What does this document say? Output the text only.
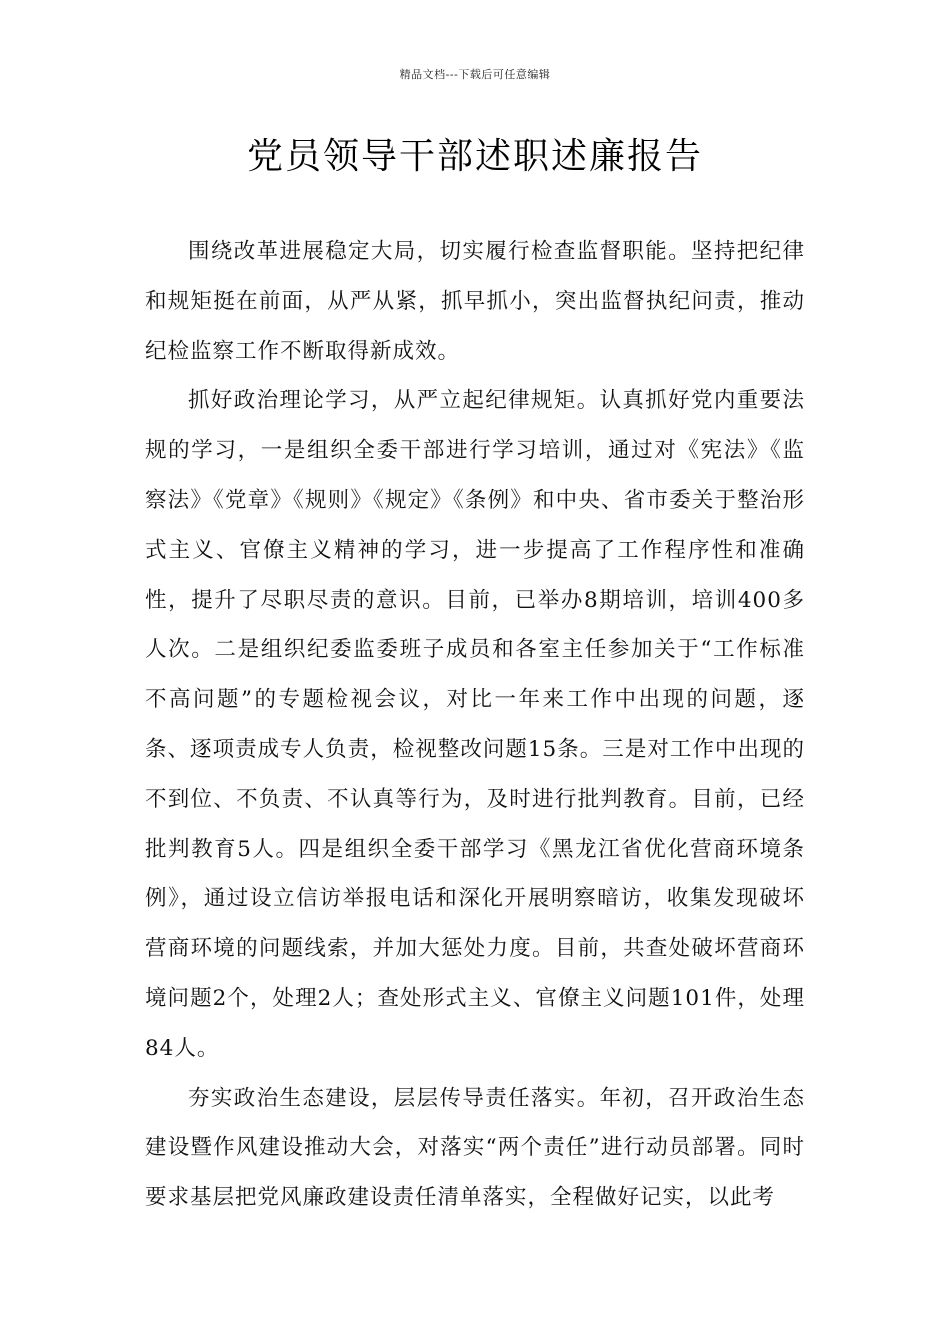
精品文档---下载后可任意编辑
党员领导干部述职述廉报告

围绕改革进展稳定大局，切实履行检查监督职能。坚持把纪律和规矩挺在前面，从严从紧，抓早抓小，突出监督执纪问责，推动纪检监察工作不断取得新成效。

抓好政治理论学习，从严立起纪律规矩。认真抓好党内重要法规的学习，一是组织全委干部进行学习培训，通过对《宪法》《监察法》《党章》《规则》《规定》《条例》和中央、省市委关于整治形式主义、官僚主义精神的学习，进一步提高了工作程序性和准确性，提升了尽职尽责的意识。目前，已举办8期培训，培训400多人次。二是组织纪委监委班子成员和各室主任参加关于“工作标准不高问题”的专题检视会议，对比一年来工作中出现的问题，逐条、逐项责成专人负责，检视整改问题15条。三是对工作中出现的不到位、不负责、不认真等行为，及时进行批判教育。目前，已经批判教育5人。四是组织全委干部学习《黑龙江省优化营商环境条例》，通过设立信访举报电话和深化开展明察暗访，收集发现破坏营商环境的问题线索，并加大惩处力度。目前，共查处破坏营商环境问题2个，处理2人；查处形式主义、官僚主义问题101件，处理84人。

夯实政治生态建设，层层传导责任落实。年初，召开政治生态建设暨作风建设推动大会，对落实“两个责任”进行动员部署。同时要求基层把党风廉政建设责任清单落实，全程做好记实，以此考
